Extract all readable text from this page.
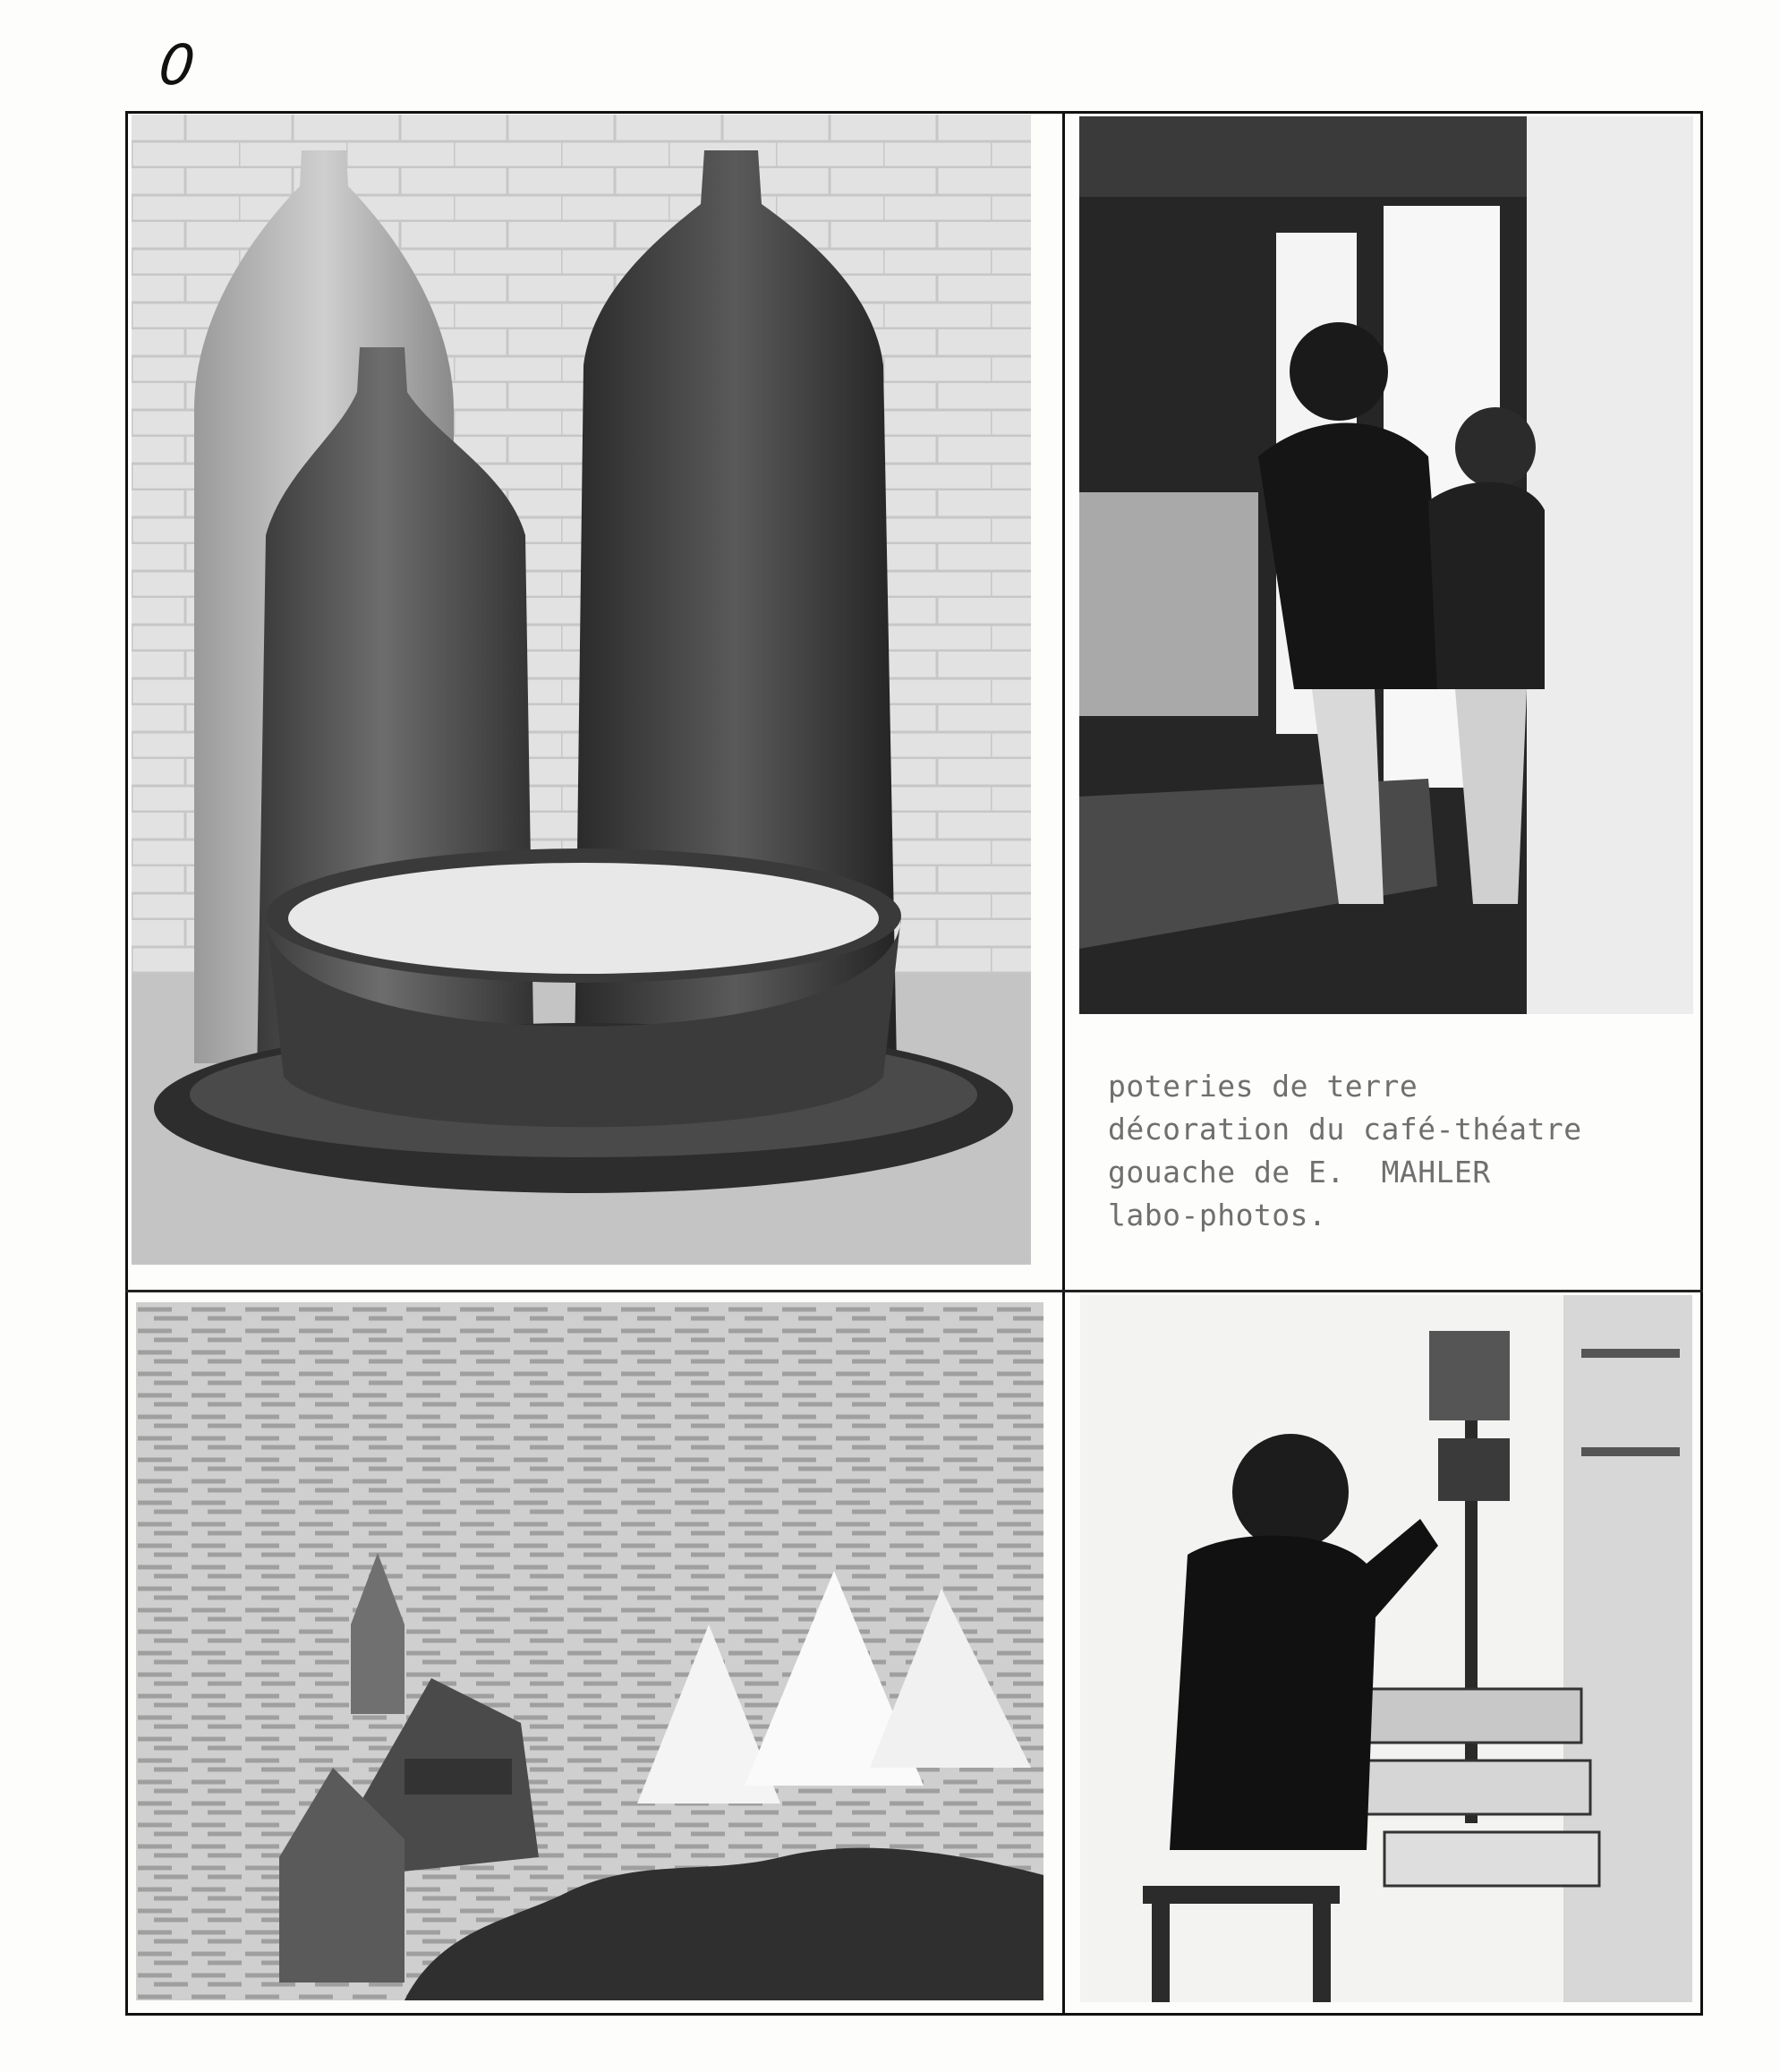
0
poteries de terre
décoration du café-théatre
gouache de E.  MAHLER
labo-photos.
